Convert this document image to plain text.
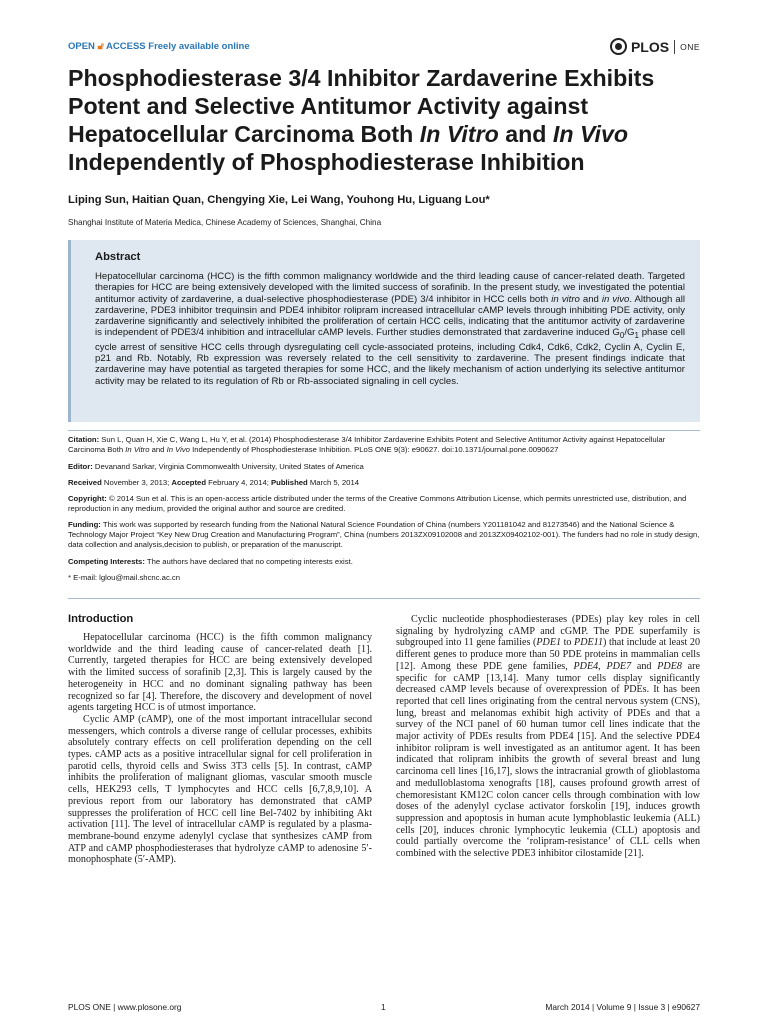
OPEN 🔓︎ ACCESS Freely available online	PLOS ONE
Phosphodiesterase 3/4 Inhibitor Zardaverine Exhibits Potent and Selective Antitumor Activity against Hepatocellular Carcinoma Both In Vitro and In Vivo Independently of Phosphodiesterase Inhibition
Liping Sun, Haitian Quan, Chengying Xie, Lei Wang, Youhong Hu, Liguang Lou*
Shanghai Institute of Materia Medica, Chinese Academy of Sciences, Shanghai, China
Abstract

Hepatocellular carcinoma (HCC) is the fifth common malignancy worldwide and the third leading cause of cancer-related death. Targeted therapies for HCC are being extensively developed with the limited success of sorafinib. In the present study, we investigated the potential antitumor activity of zardaverine, a dual-selective phosphodiesterase (PDE) 3/4 inhibitor in HCC cells both in vitro and in vivo. Although all zardaverine, PDE3 inhibitor trequinsin and PDE4 inhibitor rolipram increased intracellular cAMP levels through inhibiting PDE activity, only zardaverine significantly and selectively inhibited the proliferation of certain HCC cells, indicating that the antitumor activity of zardaverine is independent of PDE3/4 inhibition and intracellular cAMP levels. Further studies demonstrated that zardaverine induced $G_0/G_1$ phase cell cycle arrest of sensitive HCC cells through dysregulating cell cycle-associated proteins, including Cdk4, Cdk6, Cdk2, Cyclin A, Cyclin E, p21 and Rb. Notably, Rb expression was reversely related to the cell sensitivity to zardaverine. The present findings indicate that zardaverine may have potential as targeted therapies for some HCC, and the likely mechanism of action underlying its selective antitumor activity may be related to its regulation of Rb or Rb-associated signaling in cell cycles.

Citation: Sun L, Quan H, Xie C, Wang L, Hu Y, et al. (2014) Phosphodiesterase 3/4 Inhibitor Zardaverine Exhibits Potent and Selective Antitumor Activity against Hepatocellular Carcinoma Both In Vitro and In Vivo Independently of Phosphodiesterase Inhibition. PLoS ONE 9(3): e90627. doi:10.1371/journal.pone.0090627

Editor: Devanand Sarkar, Virginia Commonwealth University, United States of America

Received November 3, 2013; Accepted February 4, 2014; Published March 5, 2014

Copyright: © 2014 Sun et al. This is an open-access article distributed under the terms of the Creative Commons Attribution License, which permits unrestricted use, distribution, and reproduction in any medium, provided the original author and source are credited.

Funding: This work was supported by research funding from the National Natural Science Foundation of China (numbers Y201181042 and 81273546) and the National Science & Technology Major Project “Key New Drug Creation and Manufacturing Program”, China (numbers 2013ZX09102008 and 2013ZX09402102-001). The funders had no role in study design, data collection and analysis,decision to publish, or preparation of the manuscript.

Competing Interests: The authors have declared that no competing interests exist.

* E-mail: lglou@mail.shcnc.ac.cn

Introduction

Hepatocellular carcinoma (HCC) is the fifth common malignancy worldwide and the third leading cause of cancer-related death [1]. Currently, targeted therapies for HCC are being extensively developed with the limited success of sorafinib [2,3]. This is largely caused by the heterogeneity in HCC and no dominant signaling pathway has been recognized so far [4]. Therefore, the discovery and development of novel agents targeting HCC is of utmost importance.

Cyclic AMP (cAMP), one of the most important intracellular second messengers, which controls a diverse range of cellular processes, exhibits absolutely contrary effects on cell proliferation depending on the cell types. cAMP acts as a positive intracellular signal for cell proliferation in parotid cells, thyroid cells and Swiss 3T3 cells [5]. In contrast, cAMP inhibits the proliferation of malignant gliomas, vascular smooth muscle cells, HEK293 cells, T lymphocytes and HCC cells [6,7,8,9,10]. A previous report from our laboratory has demonstrated that cAMP suppresses the proliferation of HCC cell line Bel-7402 by inhibiting Akt activation [11]. The level of intracellular cAMP is regulated by a plasma-membrane-bound enzyme adenylyl cyclase that synthesizes cAMP from ATP and cAMP phosphodiesterases that hydrolyze cAMP to adenosine 5′-monophosphate (5′-AMP).

Cyclic nucleotide phosphodiesterases (PDEs) play key roles in cell signaling by hydrolyzing cAMP and cGMP. The PDE superfamily is subgrouped into 11 gene families (PDE1 to PDE11) that include at least 20 different genes to produce more than 50 PDE proteins in mammalian cells [12]. Among these PDE gene families, PDE4, PDE7 and PDE8 are specific for cAMP [13,14]. Many tumor cells display significantly decreased cAMP levels because of overexpression of PDEs. It has been reported that cell lines originating from the central nervous system (CNS), lung, breast and melanomas exhibit high activity of PDEs and that a survey of the NCI panel of 60 human tumor cell lines indicate that the major activity of PDEs results from PDE4 [15]. And the selective PDE4 inhibitor rolipram is well investigated as an antitumor agent. It has been indicated that rolipram inhibits the growth of several breast and lung carcinoma cell lines [16,17], slows the intracranial growth of glioblastoma and medulloblastoma xenografts [18], causes profound growth arrest of chemoresistant KM12C colon cancer cells through combination with low doses of the adenylyl cyclase activator forskolin [19], induces growth suppression and apoptosis in human acute lymphoblastic leukemia (ALL) cells [20], induces chronic lymphocytic leukemia (CLL) apoptosis and could partially overcome the ‘rolipram-resistance’ of CLL cells when combined with the selective PDE3 inhibitor cilostamide [21].

PLOS ONE | www.plosone.org	1	March 2014 | Volume 9 | Issue 3 | e90627
